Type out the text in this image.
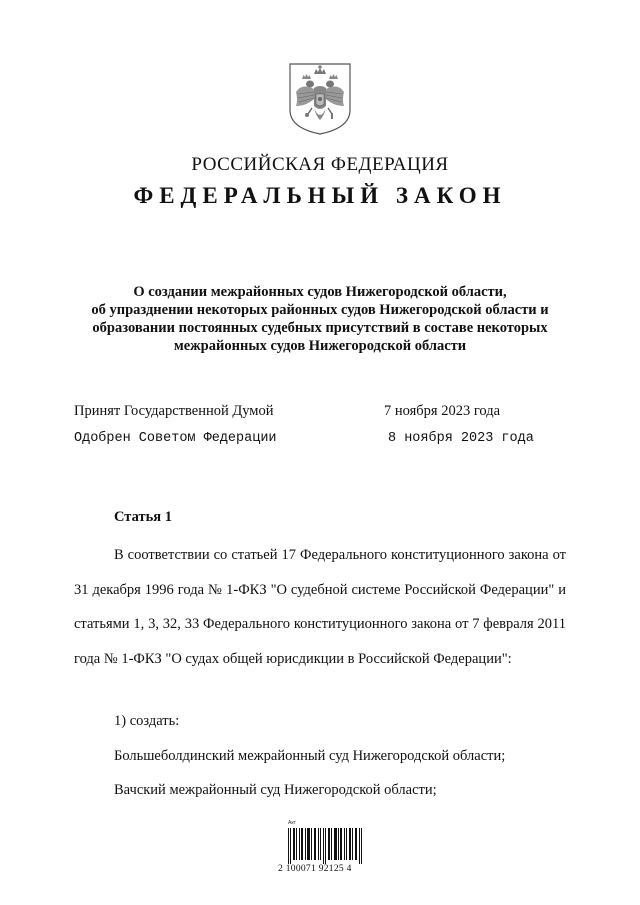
РОССИЙСКАЯ ФЕДЕРАЦИЯ
ФЕДЕРАЛЬНЫЙ ЗАКОН
О создании межрайонных судов Нижегородской области,
об упразднении некоторых районных судов Нижегородской области и
образовании постоянных судебных присутствий в составе некоторых
межрайонных судов Нижегородской области
Принят Государственной Думой	7 ноября 2023 года
Одобрен Советом Федерации	8 ноября 2023 года
Статья 1

В соответствии со статьей 17 Федерального конституционного закона от 31 декабря 1996 года № 1-ФКЗ "О судебной системе Российской Федерации" и статьями 1, 3, 32, 33 Федерального конституционного закона от 7 февраля 2011 года № 1-ФКЗ "О судах общей юрисдикции в Российской Федерации":

1) создать:
Большеболдинский межрайонный суд Нижегородской области;
Вачский межрайонный суд Нижегородской области;
Акт
2 100071 92125 4
